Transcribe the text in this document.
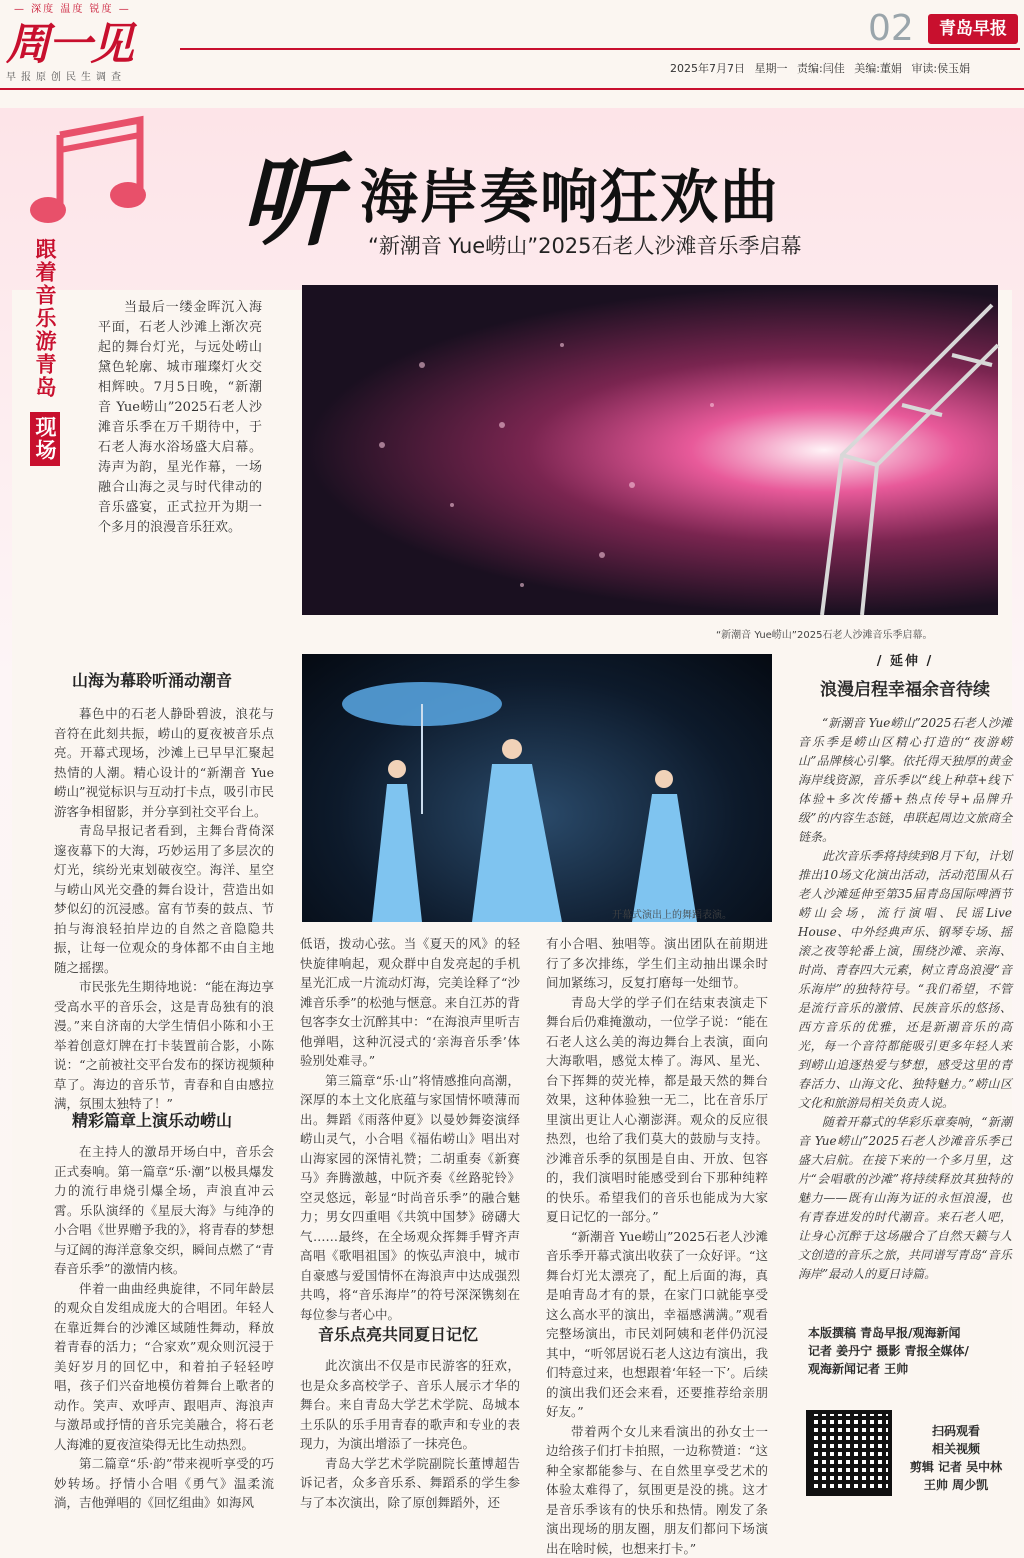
— 深度 温度 锐度 —
周一见
早报原创民生调查
02	青岛早报
2025年7月7日 星期一 责编:闫佳 美编:董娟 审读:侯玉娟
跟着音乐游青岛 现场
听 海岸奏响狂欢曲
“新潮音 Yue崂山”2025石老人沙滩音乐季启幕
当最后一缕金晖沉入海平面，石老人沙滩上渐次亮起的舞台灯光，与远处崂山黛色轮廓、城市璀璨灯火交相辉映。7月5日晚，“新潮音 Yue崂山”2025石老人沙滩音乐季在万千期待中，于石老人海水浴场盛大启幕。涛声为韵，星光作幕，一场融合山海之灵与时代律动的音乐盛宴，正式拉开为期一个多月的浪漫音乐狂欢。
“新潮音 Yue崂山”2025石老人沙滩音乐季启幕。
开幕式演出上的舞蹈表演。
山海为幕聆听涌动潮音

暮色中的石老人静卧碧波，浪花与音符在此刻共振，崂山的夏夜被音乐点亮。开幕式现场，沙滩上已早早汇聚起热情的人潮。精心设计的“新潮音 Yue崂山”视觉标识与互动打卡点，吸引市民游客争相留影，并分享到社交平台上。

青岛早报记者看到，主舞台背倚深邃夜幕下的大海，巧妙运用了多层次的灯光，缤纷光束划破夜空。海洋、星空与崂山风光交叠的舞台设计，营造出如梦似幻的沉浸感。富有节奏的鼓点、节拍与海浪轻拍岸边的自然之音隐隐共振，让每一位观众的身体都不由自主地随之摇摆。

市民张先生期待地说：“能在海边享受高水平的音乐会，这是青岛独有的浪漫。”来自济南的大学生情侣小陈和小王举着创意灯牌在打卡装置前合影，小陈说：“之前被社交平台发布的探访视频种草了。海边的音乐节，青春和自由感拉满，氛围太独特了！”

精彩篇章上演乐动崂山

在主持人的激昂开场白中，音乐会正式奏响。第一篇章“乐·潮”以极具爆发力的流行串烧引爆全场，声浪直冲云霄。乐队演绎的《星辰大海》与纯净的小合唱《世界赠予我的》，将青春的梦想与辽阔的海洋意象交织，瞬间点燃了“青春音乐季”的激情内核。

伴着一曲曲经典旋律，不同年龄层的观众自发组成庞大的合唱团。年轻人在靠近舞台的沙滩区域随性舞动，释放着青春的活力；“合家欢”观众则沉浸于美好岁月的回忆中，和着拍子轻轻哼唱，孩子们兴奋地模仿着舞台上歌者的动作。笑声、欢呼声、跟唱声、海浪声与激昂或抒情的音乐完美融合，将石老人海滩的夏夜渲染得无比生动热烈。

第二篇章“乐·韵”带来视听享受的巧妙转场。抒情小合唱《勇气》温柔流淌，吉他弹唱的《回忆组曲》如海风

低语，拨动心弦。当《夏天的风》的轻快旋律响起，观众群中自发亮起的手机星光汇成一片流动灯海，完美诠释了“沙滩音乐季”的松弛与惬意。来自江苏的背包客李女士沉醉其中：“在海浪声里听吉他弹唱，这种沉浸式的‘亲海音乐季’体验别处难寻。”

第三篇章“乐·山”将情感推向高潮，深厚的本土文化底蕴与家国情怀喷薄而出。舞蹈《雨落仲夏》以曼妙舞姿演绎崂山灵气，小合唱《福佑崂山》唱出对山海家园的深情礼赞；二胡重奏《新赛马》奔腾激越，中阮齐奏《丝路驼铃》空灵悠远，彰显“时尚音乐季”的融合魅力；男女四重唱《共筑中国梦》磅礴大气……最终，在全场观众挥舞手臂齐声高唱《歌唱祖国》的恢弘声浪中，城市自豪感与爱国情怀在海浪声中达成强烈共鸣，将“音乐海岸”的符号深深镌刻在每位参与者心中。

音乐点亮共同夏日记忆

此次演出不仅是市民游客的狂欢，也是众多高校学子、音乐人展示才华的舞台。来自青岛大学艺术学院、岛城本土乐队的乐手用青春的歌声和专业的表现力，为演出增添了一抹亮色。

青岛大学艺术学院副院长董博超告诉记者，众多音乐系、舞蹈系的学生参与了本次演出，除了原创舞蹈外，还

有小合唱、独唱等。演出团队在前期进行了多次排练，学生们主动抽出课余时间加紧练习，反复打磨每一处细节。

青岛大学的学子们在结束表演走下舞台后仍难掩激动，一位学子说：“能在石老人这么美的海边舞台上表演，面向大海歌唱，感觉太棒了。海风、星光、台下挥舞的荧光棒，都是最天然的舞台效果，这种体验独一无二，比在音乐厅里演出更让人心潮澎湃。观众的反应很热烈，也给了我们莫大的鼓励与支持。沙滩音乐季的氛围是自由、开放、包容的，我们演唱时能感受到台下那种纯粹的快乐。希望我们的音乐也能成为大家夏日记忆的一部分。”

“新潮音 Yue崂山”2025石老人沙滩音乐季开幕式演出收获了一众好评。“这舞台灯光太漂亮了，配上后面的海，真是咱青岛才有的景，在家门口就能享受这么高水平的演出，幸福感满满。”观看完整场演出，市民刘阿姨和老伴仍沉浸其中，“听邻居说石老人这边有演出，我们特意过来，也想跟着‘年轻一下’。后续的演出我们还会来看，还要推荐给亲朋好友。”

带着两个女儿来看演出的孙女士一边给孩子们打卡拍照，一边称赞道：“这种全家都能参与、在自然里享受艺术的体验太难得了，氛围更是没的挑。这才是音乐季该有的快乐和热情。刚发了条演出现场的朋友圈，朋友们都问下场演出在啥时候，也想来打卡。”

/ 延伸 /
浪漫启程幸福余音待续

“新潮音 Yue崂山”2025石老人沙滩音乐季是崂山区精心打造的“夜游崂山”品牌核心引擎。依托得天独厚的黄金海岸线资源，音乐季以“线上种草+线下体验+多次传播+热点传导+品牌升级”的内容生态链，串联起周边文旅商全链条。

此次音乐季将持续到8月下旬，计划推出10场文化演出活动，活动范围从石老人沙滩延伸至第35届青岛国际啤酒节崂山会场，流行演唱、民谣Live House、中外经典声乐、钢琴专场、摇滚之夜等轮番上演，围绕沙滩、亲海、时尚、青春四大元素，树立青岛浪漫“音乐海岸”的独特符号。“我们希望，不管是流行音乐的激情、民族音乐的悠扬、西方音乐的优雅，还是新潮音乐的高光，每一个音符都能吸引更多年轻人来到崂山追逐热爱与梦想，感受这里的青春活力、山海文化、独特魅力。”崂山区文化和旅游局相关负责人说。

随着开幕式的华彩乐章奏响，“新潮音 Yue崂山”2025石老人沙滩音乐季已盛大启航。在接下来的一个多月里，这片“会唱歌的沙滩”将持续释放其独特的魅力——既有山海为证的永恒浪漫，也有青春进发的时代潮音。来石老人吧，让身心沉醉于这场融合了自然天籁与人文创造的音乐之旅，共同谱写青岛“音乐海岸”最动人的夏日诗篇。

本版撰稿 青岛早报/观海新闻
记者 姜丹宁 摄影 青报全媒体/
观海新闻记者 王帅
扫码观看
相关视频
剪辑 记者 吴中林
王帅 周少凯
